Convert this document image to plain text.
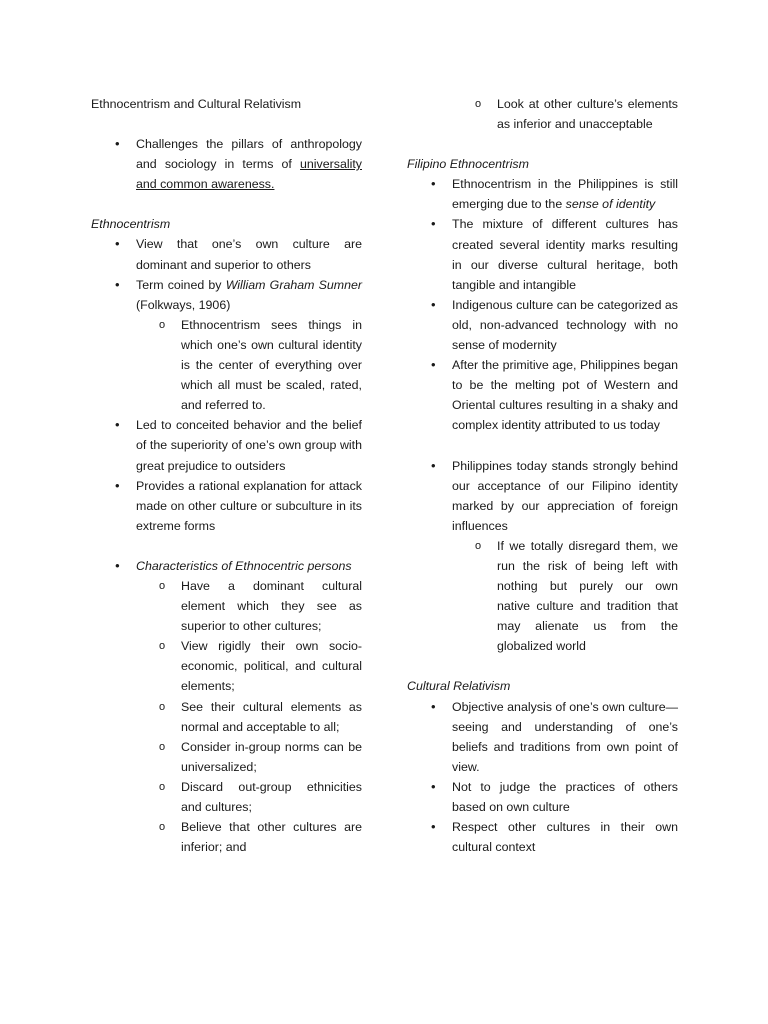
Ethnocentrism and Cultural Relativism
• Challenges the pillars of anthropology and sociology in terms of universality and common awareness.

Ethnocentrism

• View that one’s own culture are dominant and superior to others
• Term coined by William Graham Sumner (Folkways, 1906)
o Ethnocentrism sees things in which one’s own cultural identity is the center of everything over which all must be scaled, rated, and referred to.
• Led to conceited behavior and the belief of the superiority of one’s own group with great prejudice to outsiders
• Provides a rational explanation for attack made on other culture or subculture in its extreme forms
• Characteristics of Ethnocentric persons
o Have a dominant cultural element which they see as superior to other cultures;
o View rigidly their own socio-economic, political, and cultural elements;
o See their cultural elements as normal and acceptable to all;
o Consider in-group norms can be universalized;
o Discard out-group ethnicities and cultures;
o Believe that other cultures are inferior; and
o Look at other culture’s elements as inferior and unacceptable

Filipino Ethnocentrism

• Ethnocentrism in the Philippines is still emerging due to the sense of identity
• The mixture of different cultures has created several identity marks resulting in our diverse cultural heritage, both tangible and intangible
• Indigenous culture can be categorized as old, non-advanced technology with no sense of modernity
• After the primitive age, Philippines began to be the melting pot of Western and Oriental cultures resulting in a shaky and complex identity attributed to us today
• Philippines today stands strongly behind our acceptance of our Filipino identity marked by our appreciation of foreign influences
o If we totally disregard them, we run the risk of being left with nothing but purely our own native culture and tradition that may alienate us from the globalized world

Cultural Relativism

• Objective analysis of one’s own culture—seeing and understanding of one’s beliefs and traditions from own point of view.
• Not to judge the practices of others based on own culture
• Respect other cultures in their own cultural context
